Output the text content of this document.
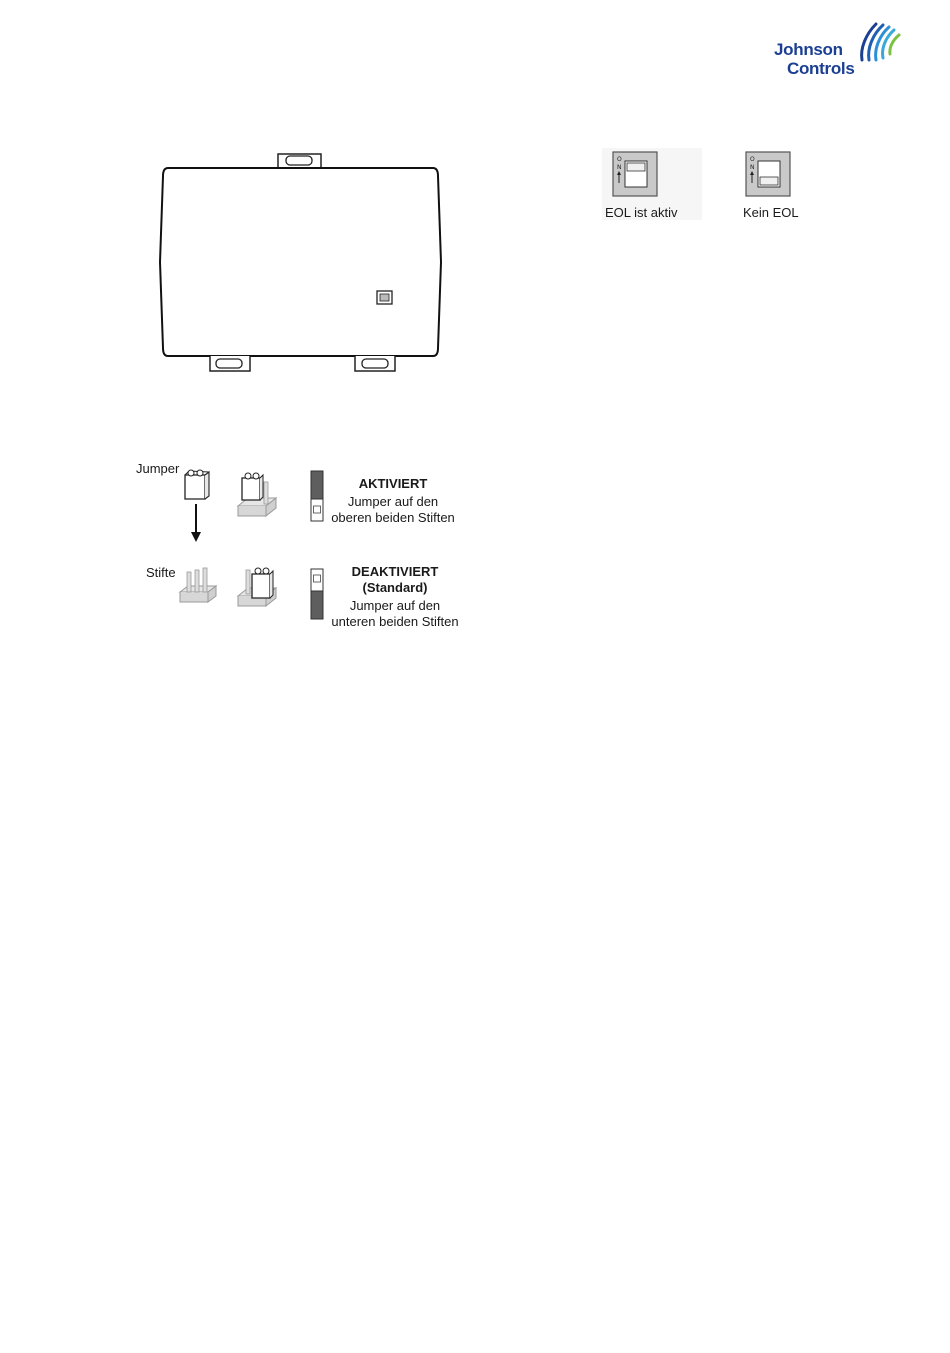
Johnson
Controls
O
N
EOL ist aktiv
O
N
Kein EOL
Jumper
Stifte
AKTIVIERT
Jumper auf den
oberen beiden Stiften
DEAKTIVIERT
(Standard)
Jumper auf den
unteren beiden Stiften
